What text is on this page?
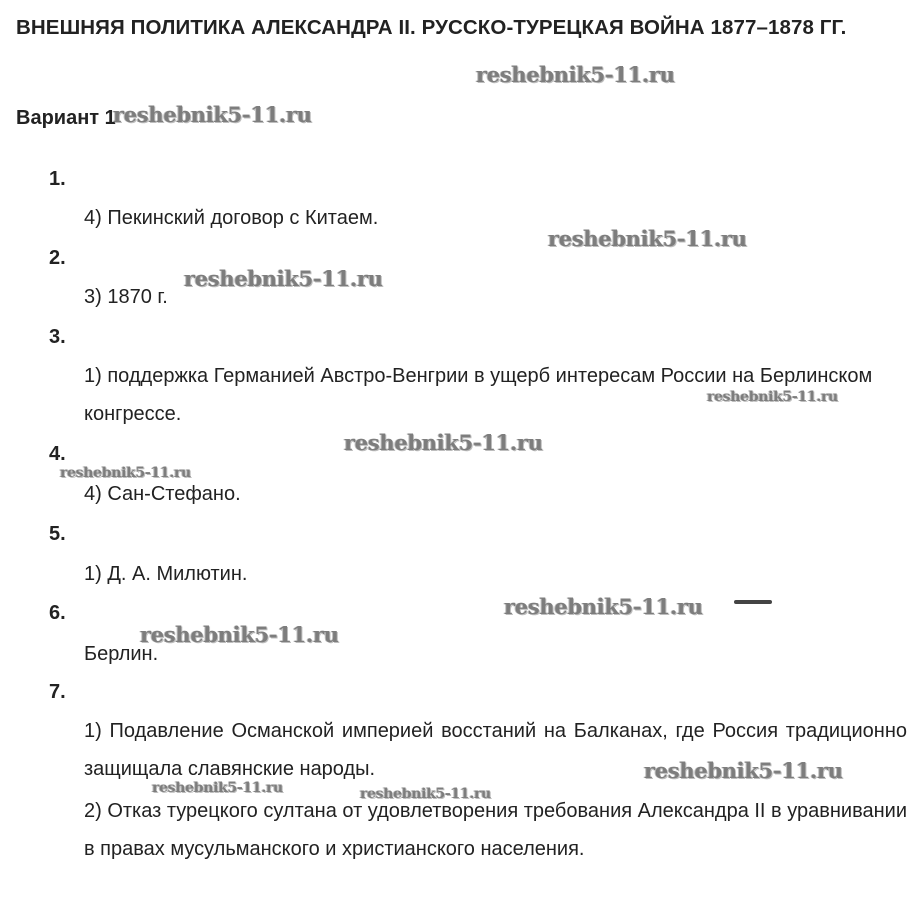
ВНЕШНЯЯ ПОЛИТИКА АЛЕКСАНДРА II. РУССКО-ТУРЕЦКАЯ ВОЙНА 1877–1878 ГГ.
Вариант 1
1.

4) Пекинский договор с Китаем.

2.

3) 1870 г.

3.

1) поддержка Германией Австро-Венгрии в ущерб интересам России на Берлинском конгрессе.

4.

4) Сан-Стефано.

5.

1) Д. А. Милютин.

6.

Берлин.

7.

1) Подавление Османской империей восстаний на Балканах, где Россия традиционно защищала славянские народы.

2) Отказ турецкого султана от удовлетворения требования Александра II в уравнивании в правах мусульманского и христианского населения.

reshebnik5-11.ru
reshebnik5-11.ru
reshebnik5-11.ru
reshebnik5-11.ru
reshebnik5-11.ru
reshebnik5-11.ru
reshebnik5-11.ru
reshebnik5-11.ru
reshebnik5-11.ru
reshebnik5-11.ru
reshebnik5-11.ru	reshebnik5-11.ru
